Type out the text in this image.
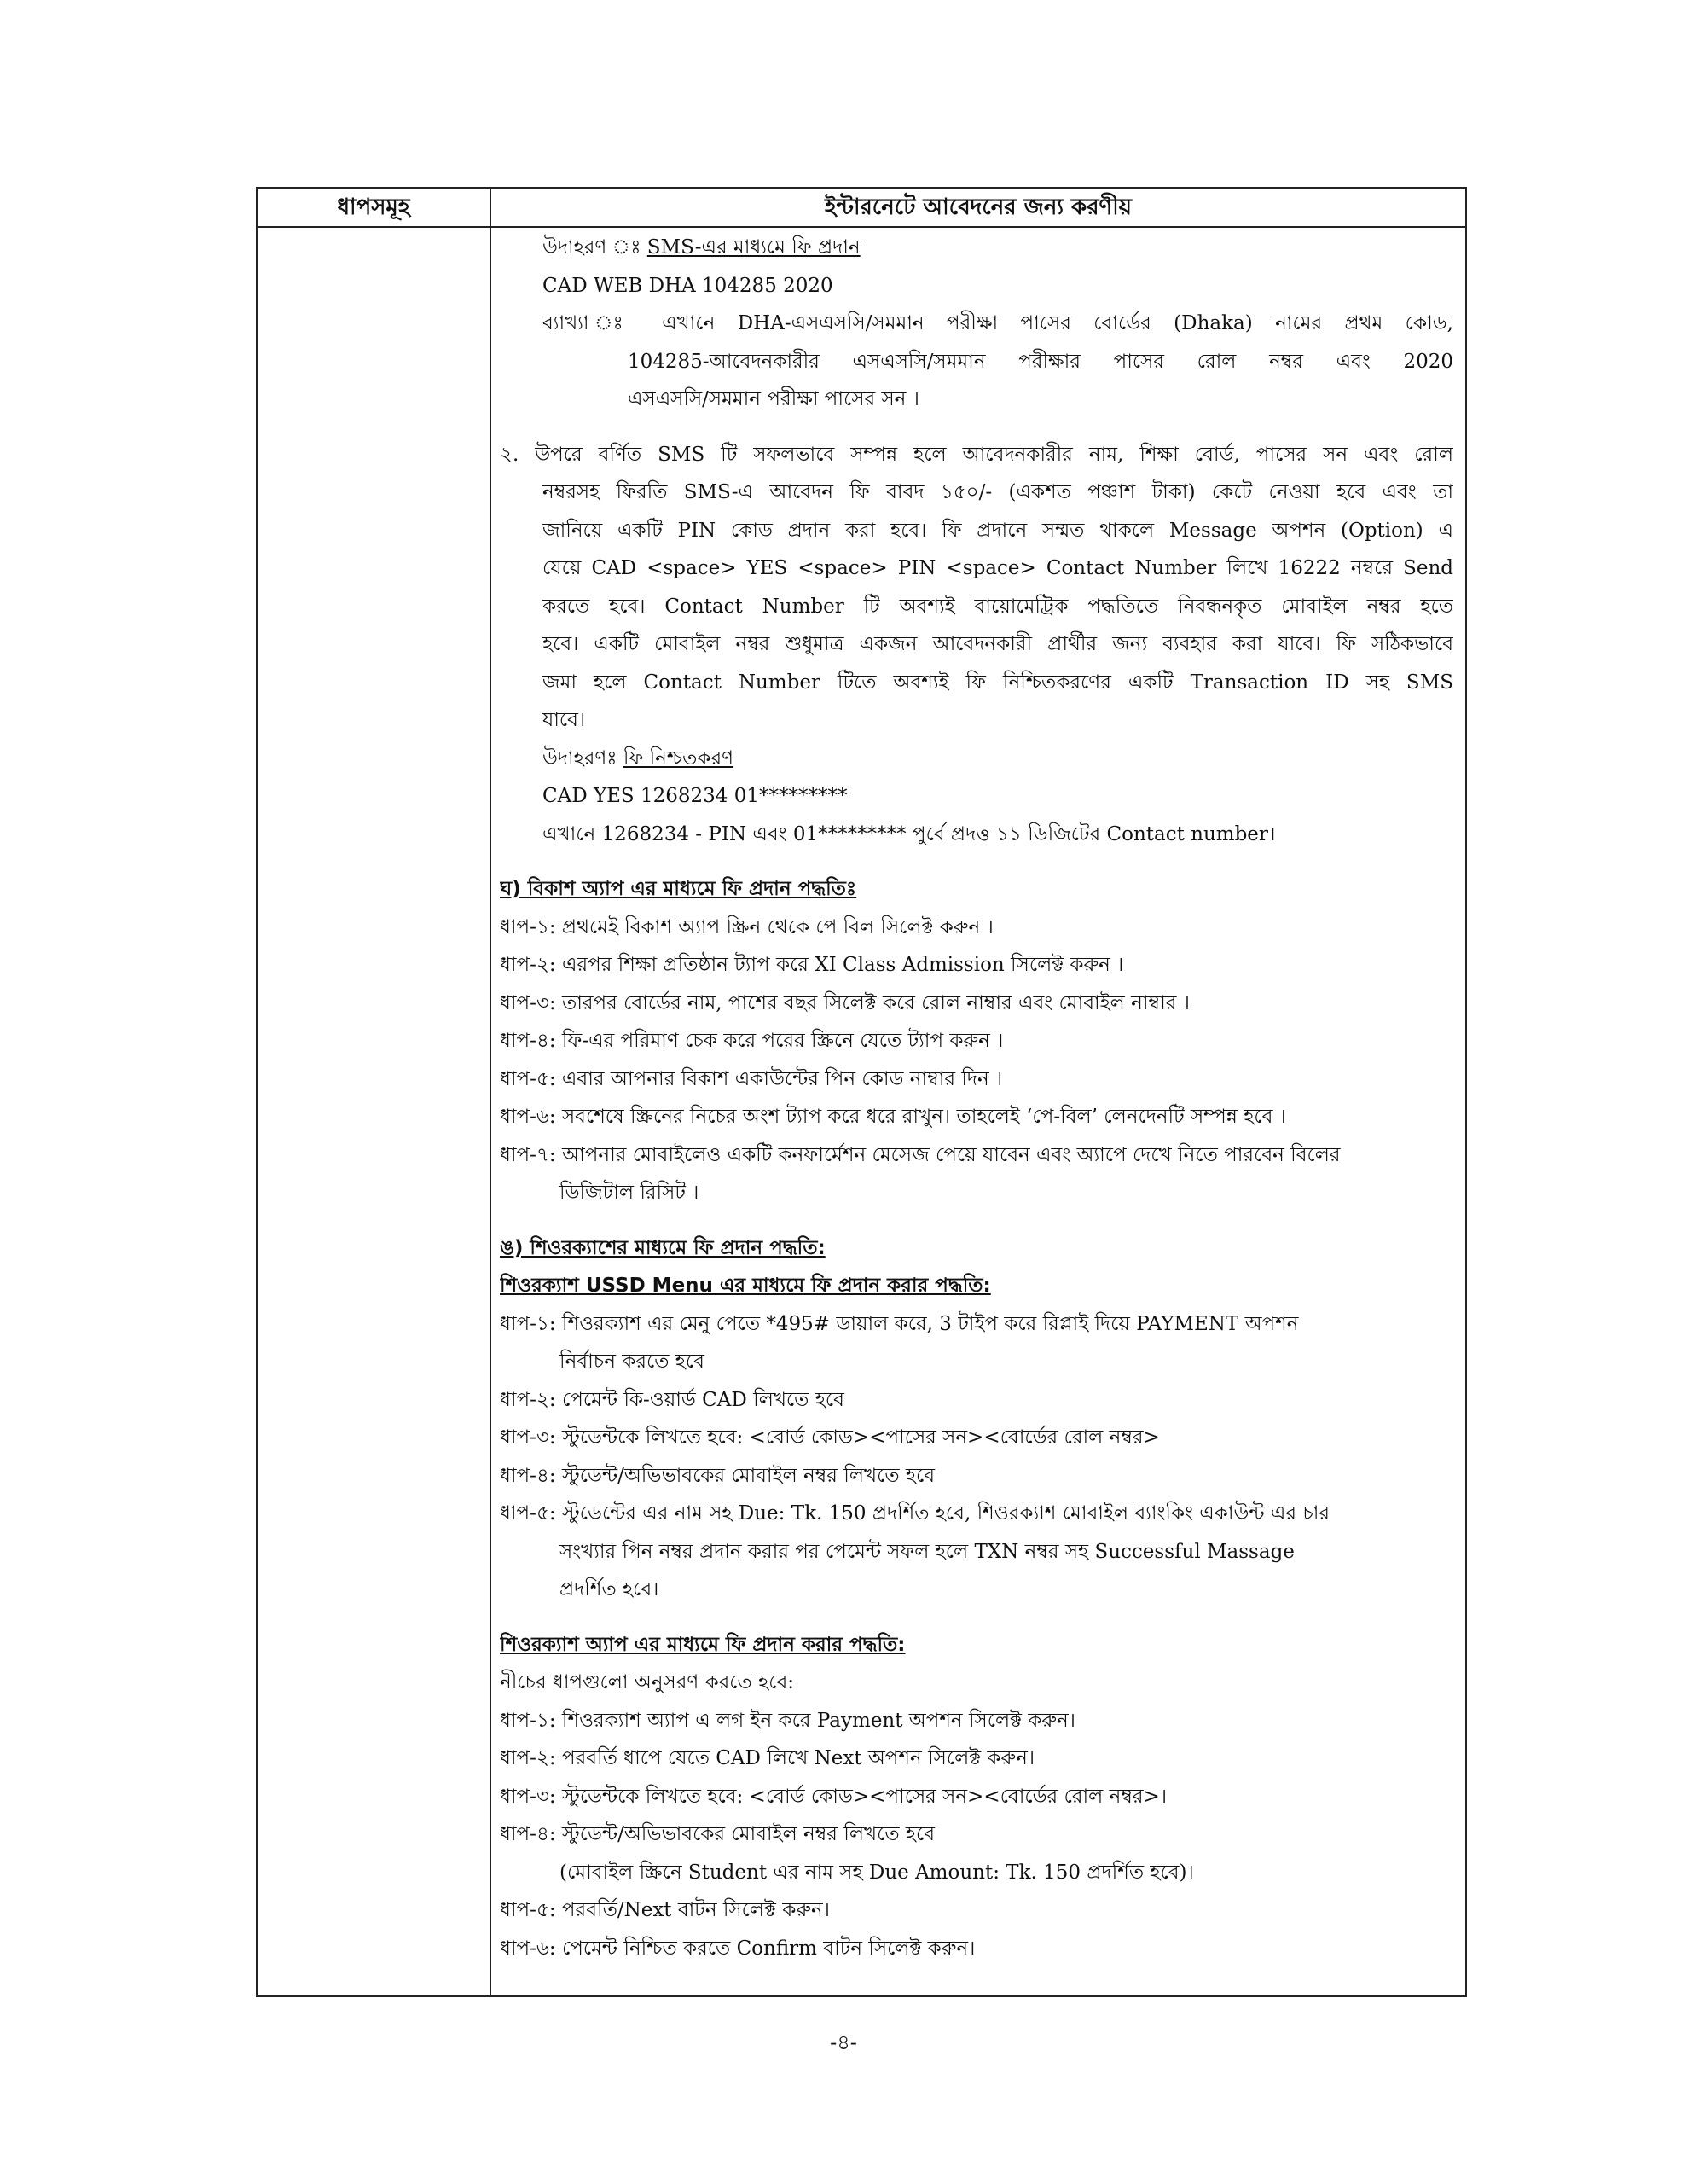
ধাপসমূহ	ইন্টারনেটে আবেদনের জন্য করণীয়
উদাহরণ ঃ SMS-এর মাধ্যমে ফি প্রদান
CAD WEB DHA 104285 2020
ব্যাখ্যা ঃ এখানে DHA-এসএসসি/সমমান পরীক্ষা পাসের বোর্ডের (Dhaka) নামের প্রথম কোড,
104285-আবেদনকারীর এসএসসি/সমমান পরীক্ষার পাসের রোল নম্বর এবং 2020
এসএসসি/সমমান পরীক্ষা পাসের সন ।
২. উপরে বর্ণিত SMS টি সফলভাবে সম্পন্ন হলে আবেদনকারীর নাম, শিক্ষা বোর্ড, পাসের সন এবং রোল
নম্বরসহ ফিরতি SMS-এ আবেদন ফি বাবদ ১৫০/- (একশত পঞ্চাশ টাকা) কেটে নেওয়া হবে এবং তা
জানিয়ে একটি PIN কোড প্রদান করা হবে। ফি প্রদানে সম্মত থাকলে Message অপশন (Option) এ
যেয়ে CAD <space> YES <space> PIN <space> Contact Number লিখে 16222 নম্বরে Send
করতে হবে। Contact Number টি অবশ্যই বায়োমেট্রিক পদ্ধতিতে নিবন্ধনকৃত মোবাইল নম্বর হতে
হবে। একটি মোবাইল নম্বর শুধুমাত্র একজন আবেদনকারী প্রার্থীর জন্য ব্যবহার করা যাবে। ফি সঠিকভাবে
জমা হলে Contact Number টিতে অবশ্যই ফি নিশ্চিতকরণের একটি Transaction ID সহ SMS
যাবে।
উদাহরণঃ ফি নিশ্চতকরণ
CAD YES 1268234 01*********
এখানে 1268234 - PIN এবং 01********* পুর্বে প্রদত্ত ১১ ডিজিটের Contact number।
ঘ) বিকাশ অ্যাপ এর মাধ্যমে ফি প্রদান পদ্ধতিঃ
ধাপ-১: প্রথমেই বিকাশ অ্যাপ স্ক্রিন থেকে পে বিল সিলেক্ট করুন ।
ধাপ-২: এরপর শিক্ষা প্রতিষ্ঠান ট্যাপ করে XI Class Admission সিলেক্ট করুন ।
ধাপ-৩: তারপর বোর্ডের নাম, পাশের বছর সিলেক্ট করে রোল নাম্বার এবং মোবাইল নাম্বার ।
ধাপ-৪: ফি-এর পরিমাণ চেক করে পরের স্ক্রিনে যেতে ট্যাপ করুন ।
ধাপ-৫: এবার আপনার বিকাশ একাউন্টের পিন কোড নাম্বার দিন ।
ধাপ-৬: সবশেষে স্ক্রিনের নিচের অংশ ট্যাপ করে ধরে রাখুন। তাহলেই ‘পে-বিল’ লেনদেনটি সম্পন্ন হবে ।
ধাপ-৭: আপনার মোবাইলেও একটি কনফার্মেশন মেসেজ পেয়ে যাবেন এবং অ্যাপে দেখে নিতে পারবেন বিলের
ডিজিটাল রিসিট ।
ঙ) শিওরক্যাশের মাধ্যমে ফি প্রদান পদ্ধতি:
শিওরক্যাশ USSD Menu এর মাধ্যমে ফি প্রদান করার পদ্ধতি:
ধাপ-১: শিওরক্যাশ এর মেনু পেতে *495# ডায়াল করে, 3 টাইপ করে রিপ্লাই দিয়ে PAYMENT অপশন
নির্বাচন করতে হবে
ধাপ-২: পেমেন্ট কি-ওয়ার্ড CAD লিখতে হবে
ধাপ-৩: স্টুডেন্টকে লিখতে হবে: <বোর্ড কোড><পাসের সন><বোর্ডের রোল নম্বর>
ধাপ-৪: স্টুডেন্ট/অভিভাবকের মোবাইল নম্বর লিখতে হবে
ধাপ-৫: স্টুডেন্টের এর নাম সহ Due: Tk. 150 প্রদর্শিত হবে, শিওরক্যাশ মোবাইল ব্যাংকিং একাউন্ট এর চার
সংখ্যার পিন নম্বর প্রদান করার পর পেমেন্ট সফল হলে TXN নম্বর সহ Successful Massage
প্রদর্শিত হবে।
শিওরক্যাশ অ্যাপ এর মাধ্যমে ফি প্রদান করার পদ্ধতি:
নীচের ধাপগুলো অনুসরণ করতে হবে:
ধাপ-১: শিওরক্যাশ অ্যাপ এ লগ ইন করে Payment অপশন সিলেক্ট করুন।
ধাপ-২: পরবর্তি ধাপে যেতে CAD লিখে Next অপশন সিলেক্ট করুন।
ধাপ-৩: স্টুডেন্টকে লিখতে হবে: <বোর্ড কোড><পাসের সন><বোর্ডের রোল নম্বর>।
ধাপ-৪: স্টুডেন্ট/অভিভাবকের মোবাইল নম্বর লিখতে হবে
(মোবাইল স্ক্রিনে Student এর নাম সহ Due Amount: Tk. 150 প্রদর্শিত হবে)।
ধাপ-৫: পরবর্তি/Next বাটন সিলেক্ট করুন।
ধাপ-৬: পেমেন্ট নিশ্চিত করতে Confirm বাটন সিলেক্ট করুন।
-৪-
